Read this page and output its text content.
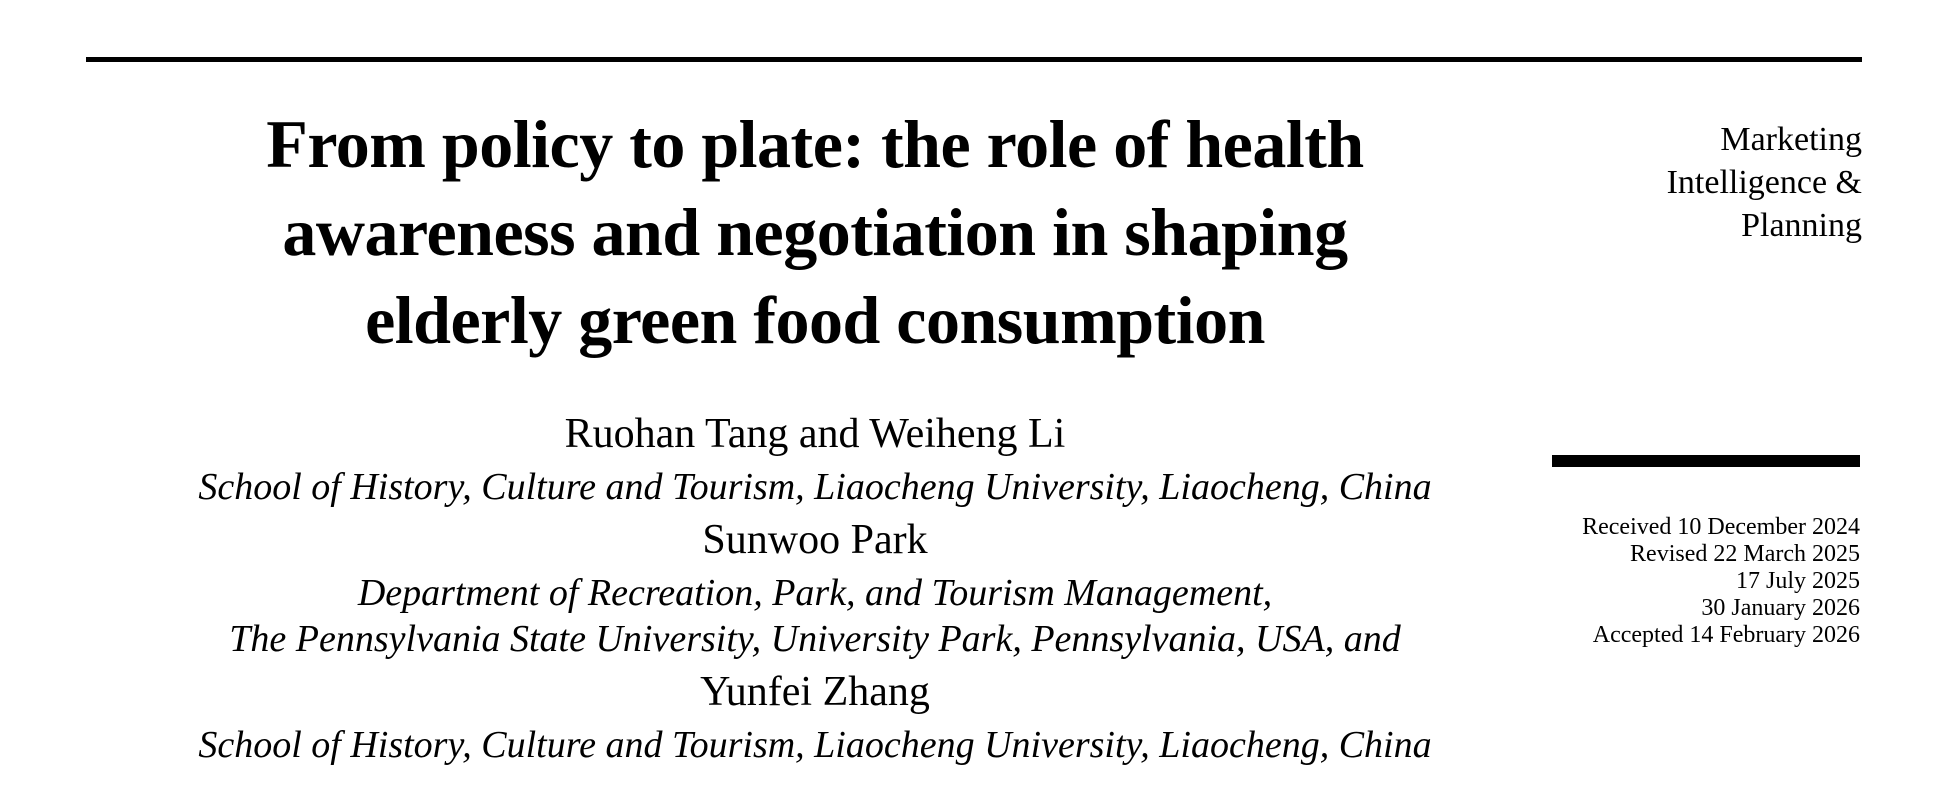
From policy to plate: the role of health
awareness and negotiation in shaping
elderly green food consumption
Ruohan Tang and Weiheng Li
School of History, Culture and Tourism, Liaocheng University, Liaocheng, China
Sunwoo Park
Department of Recreation, Park, and Tourism Management,
The Pennsylvania State University, University Park, Pennsylvania, USA, and
Yunfei Zhang
School of History, Culture and Tourism, Liaocheng University, Liaocheng, China
Marketing
Intelligence &
Planning
Received 10 December 2024
Revised 22 March 2025
17 July 2025
30 January 2026
Accepted 14 February 2026
